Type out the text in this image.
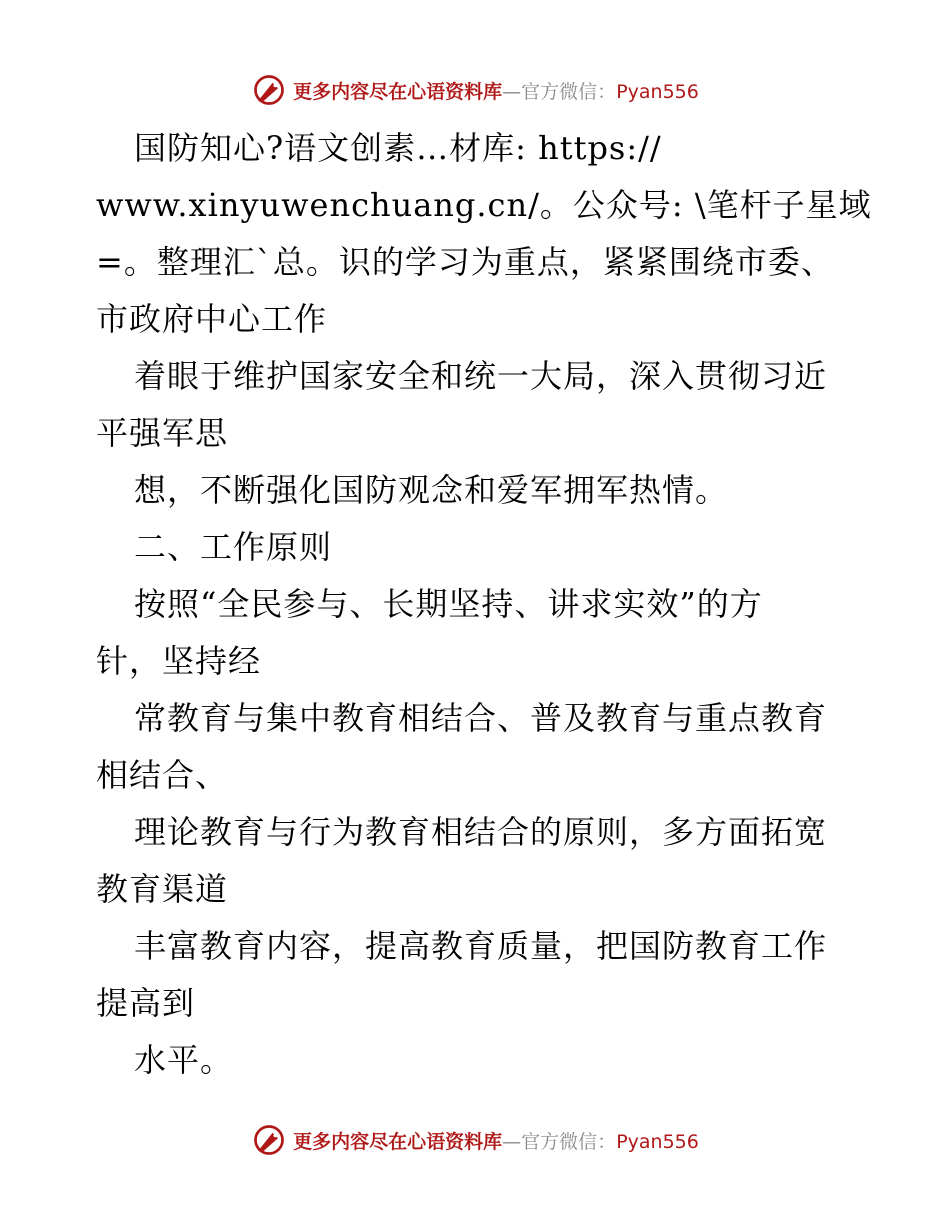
更多内容尽在心语资料库—官方微信：Pyan556
国防知心?语文创素…材库: https://
www.xinyuwenchuang.cn/。公众号: \笔杆子星域
=。整理汇`总。识的学习为重点，紧紧围绕市委、
市政府中心工作
着眼于维护国家安全和统一大局，深入贯彻习近
平强军思
想，不断强化国防观念和爱军拥军热情。
二、工作原则
按照“全民参与、长期坚持、讲求实效”的方
针，坚持经
常教育与集中教育相结合、普及教育与重点教育
相结合、
理论教育与行为教育相结合的原则，多方面拓宽
教育渠道
丰富教育内容，提高教育质量，把国防教育工作
提高到
水平。
更多内容尽在心语资料库—官方微信：Pyan556
